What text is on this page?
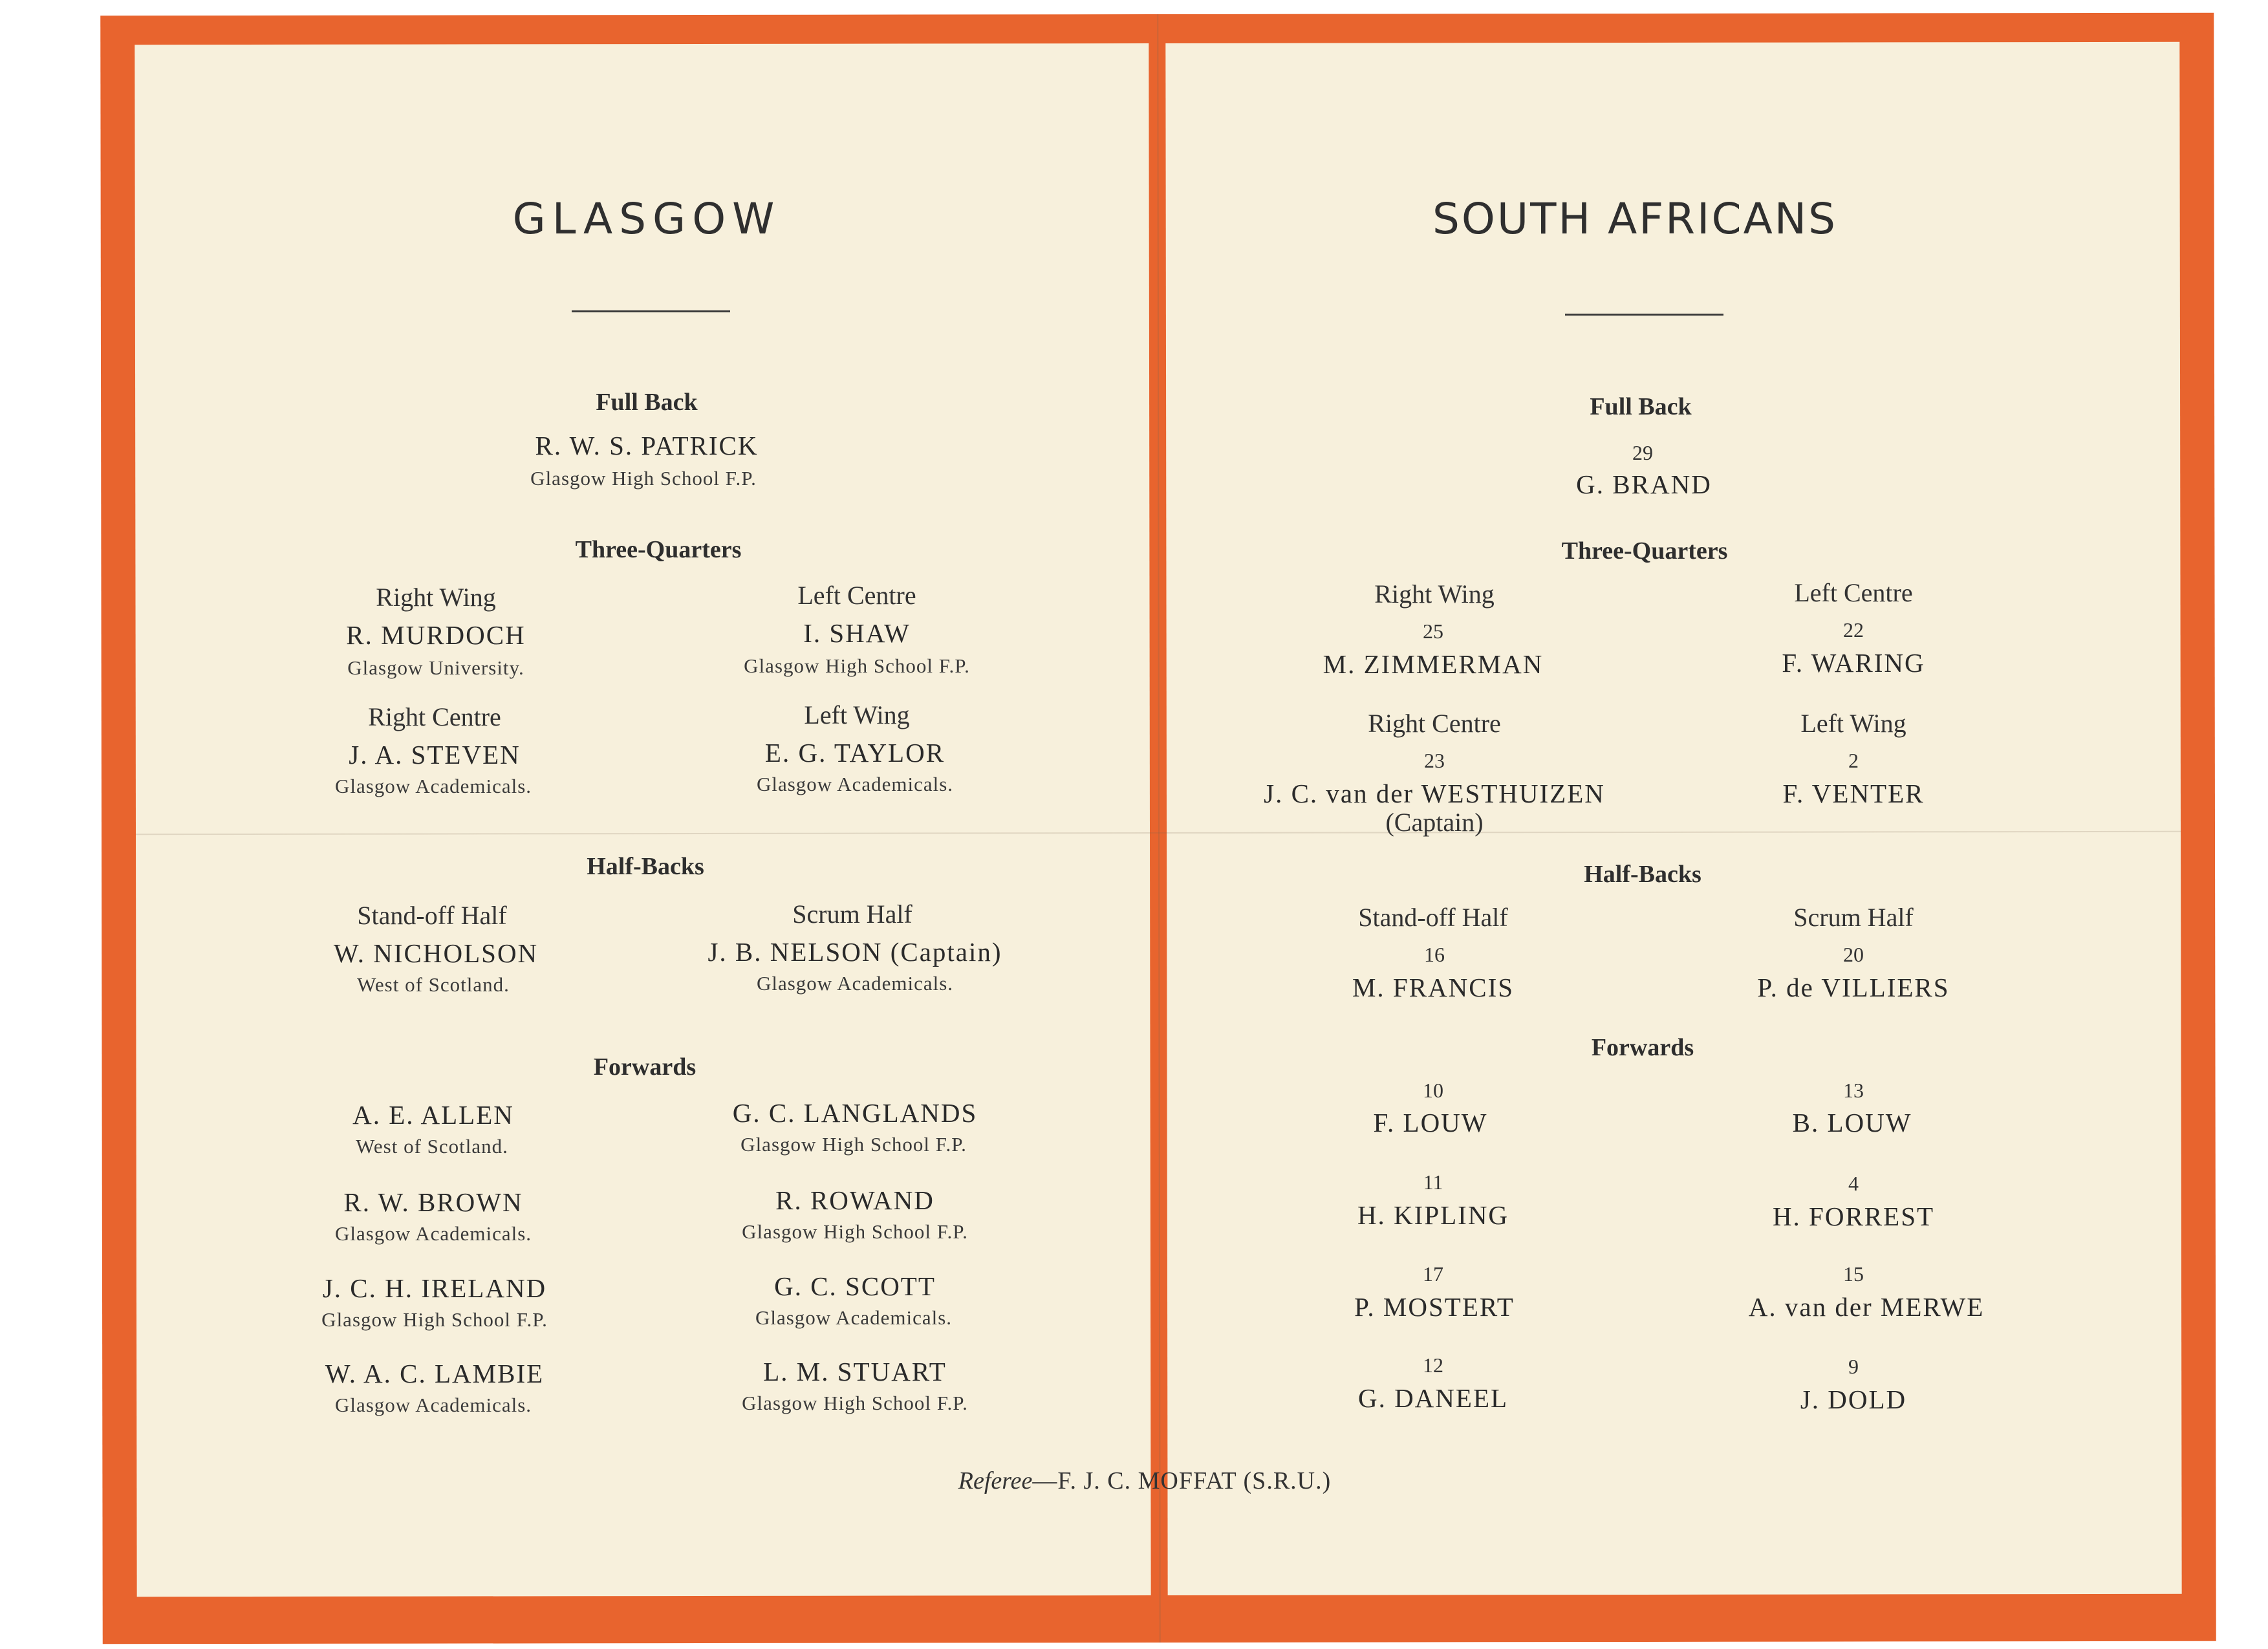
GLASGOW
Full Back
R. W. S. PATRICK
Glasgow High School F.P.
Three-Quarters
Right Wing
R. MURDOCH
Glasgow University.
Left Centre
I. SHAW
Glasgow High School F.P.
Right Centre
J. A. STEVEN
Glasgow Academicals.
Left Wing
E. G. TAYLOR
Glasgow Academicals.
Half-Backs
Stand-off Half
W. NICHOLSON
West of Scotland.
Scrum Half
J. B. NELSON (Captain)
Glasgow Academicals.
Forwards
A. E. ALLEN
West of Scotland.
G. C. LANGLANDS
Glasgow High School F.P.
R. W. BROWN
Glasgow Academicals.
R. ROWAND
Glasgow High School F.P.
J. C. H. IRELAND
Glasgow High School F.P.
G. C. SCOTT
Glasgow Academicals.
W. A. C. LAMBIE
Glasgow Academicals.
L. M. STUART
Glasgow High School F.P.
SOUTH AFRICANS
Full Back
29
G. BRAND
Three-Quarters
Right Wing
25
M. ZIMMERMAN
Left Centre
22
F. WARING
Right Centre
23
J. C. van der WESTHUIZEN
(Captain)
Left Wing
2
F. VENTER
Half-Backs
Stand-off Half
16
M. FRANCIS
Scrum Half
20
P. de VILLIERS
Forwards
10
F. LOUW
13
B. LOUW
11
H. KIPLING
4
H. FORREST
17
P. MOSTERT
15
A. van der MERWE
12
G. DANEEL
9
J. DOLD
Referee—F. J. C. MOFFAT (S.R.U.)
